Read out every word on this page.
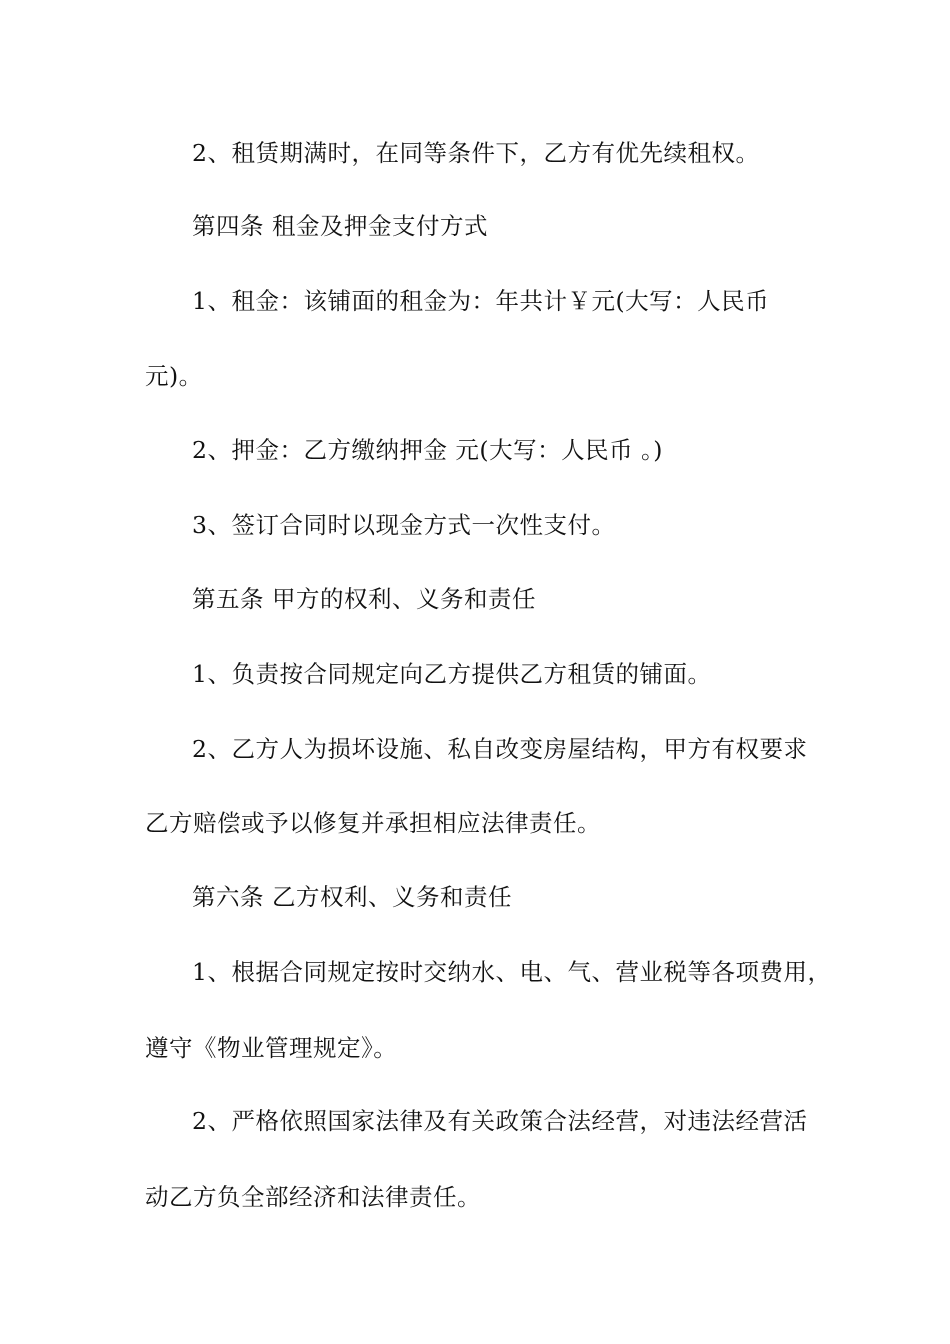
2、租赁期满时，在同等条件下，乙方有优先续租权。
第四条 租金及押金支付方式
1、租金：该铺面的租金为：年共计￥元(大写：人民币
元)。
2、押金：乙方缴纳押金 元(大写：人民币 。)
3、签订合同时以现金方式一次性支付。
第五条 甲方的权利、义务和责任
1、负责按合同规定向乙方提供乙方租赁的铺面。
2、乙方人为损坏设施、私自改变房屋结构，甲方有权要求
乙方赔偿或予以修复并承担相应法律责任。
第六条 乙方权利、义务和责任
1、根据合同规定按时交纳水、电、气、营业税等各项费用，
遵守《物业管理规定》。
2、严格依照国家法律及有关政策合法经营，对违法经营活
动乙方负全部经济和法律责任。
